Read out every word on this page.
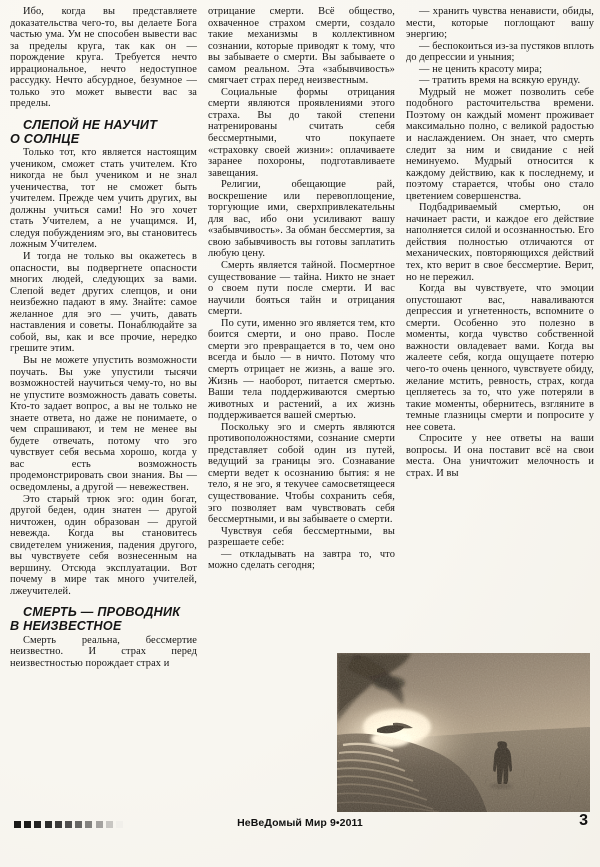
Ибо, когда вы представляете доказательства чего-то, вы делаете Бога частью ума. Ум не способен вывести вас за пределы круга, так как он — порождение круга. Требуется нечто иррациональное, нечто недоступное рассудку. Нечто абсурдное, безумное — только это может вывести вас за пределы.

СЛЕПОЙ НЕ НАУЧИТ
О СОЛНЦЕ

Только тот, кто является настоящим учеником, сможет стать учителем. Кто никогда не был учеником и не знал ученичества, тот не сможет быть учителем. Прежде чем учить других, вы должны учиться сами! Но эго хочет стать Учителем, а не учащимся. И, следуя побуждениям эго, вы становитесь ложным Учителем.

И тогда не только вы окажетесь в опасности, вы подвергнете опасности многих людей, следующих за вами. Слепой ведет других слепцов, и они неизбежно падают в яму. Знайте: самое желанное для эго — учить, давать наставления и советы. Понаблюдайте за собой, вы, как и все прочие, нередко грешите этим.

Вы не можете упустить возможности поучать. Вы уже упустили тысячи возможностей научиться чему-то, но вы не упустите возможность давать советы. Кто-то задает вопрос, а вы не только не знаете ответа, но даже не понимаете, о чем спрашивают, и тем не менее вы будете отвечать, потому что эго чувствует себя весьма хорошо, когда у вас есть возможность продемонстрировать свои знания. Вы — осведомлены, а другой — невежествен.

Это старый трюк эго: один богат, другой беден, один знатен — другой ничтожен, один образован — другой невежда. Когда вы становитесь свидетелем унижения, падения другого, вы чувствуете себя вознесенным на вершину. Отсюда эксплуатации. Вот почему в мире так много учителей, лжеучителей.

СМЕРТЬ — ПРОВОДНИК
В НЕИЗВЕСТНОЕ

Смерть реальна, бессмертие неизвестно. И страх перед неизвестностью порождает страх и

отрицание смерти. Всё общество, охваченное страхом смерти, создало такие механизмы в коллективном сознании, которые приводят к тому, что вы забываете о смерти. Вы забываете о самом реальном. Эта «забывчивость» смягчает страх перед неизвестным.

Социальные формы отрицания смерти являются проявлениями этого страха. Вы до такой степени натренированы считать себя бессмертными, что покупаете «страховку своей жизни»: оплачиваете заранее похороны, подготавливаете завещания.

Религии, обещающие рай, воскрешение или перевоплощение, торгующие ими, сверхпривлекательны для вас, ибо они усиливают вашу «забывчивость». За обман бессмертия, за свою забывчивость вы готовы заплатить любую цену.

Смерть является тайной. Посмертное существование — тайна. Никто не знает о своем пути после смерти. И вас научили бояться тайн и отрицания смерти.

По сути, именно эго является тем, кто боится смерти, и оно право. После смерти эго превращается в то, чем оно всегда и было — в ничто. Потому что смерть отрицает не жизнь, а ваше эго. Жизнь — наоборот, питается смертью. Ваши тела поддерживаются смертью животных и растений, а их жизнь поддерживается вашей смертью.

Поскольку эго и смерть являются противоположностями, сознание смерти представляет собой один из путей, ведущий за границы эго. Сознавание смерти ведет к осознанию бытия: я не тело, я не эго, я текучее самосветящееся существование. Чтобы сохранить себя, эго позволяет вам чувствовать себя бессмертными, и вы забываете о смерти.

Чувствуя себя бессмертными, вы разрешаете себе:

— откладывать на завтра то, что можно сделать сегодня;

— хранить чувства ненависти, обиды, мести, которые поглощают вашу энергию;

— беспокоиться из-за пустяков вплоть до депрессии и уныния;

— не ценить красоту мира;

— тратить время на всякую ерунду.

Мудрый не может позволить себе подобного расточительства времени. Поэтому он каждый момент проживает максимально полно, с великой радостью и наслаждением. Он знает, что смерть следит за ним и свидание с ней неминуемо. Мудрый относится к каждому действию, как к последнему, и поэтому старается, чтобы оно стало цветением совершенства.

Подбадриваемый смертью, он начинает расти, и каждое его действие наполняется силой и осознанностью. Его действия полностью отличаются от механических, повторяющихся действий тех, кто верит в свое бессмертие. Верит, но не пережил.

Когда вы чувствуете, что эмоции опустошают вас, наваливаются депрессия и угнетенность, вспомните о смерти. Особенно это полезно в моменты, когда чувство собственной важности овладевает вами. Когда вы жалеете себя, когда ощущаете потерю чего-то очень ценного, чувствуете обиду, желание мстить, ревность, страх, когда цепляетесь за то, что уже потеряли в такие моменты, обернитесь, взгляните в темные глазницы смерти и попросите у нее совета.

Спросите у нее ответы на ваши вопросы. И она поставит всё на свои места. Она уничтожит мелочность и страх. И вы

НеВеДомый Мир 9•2011	3
